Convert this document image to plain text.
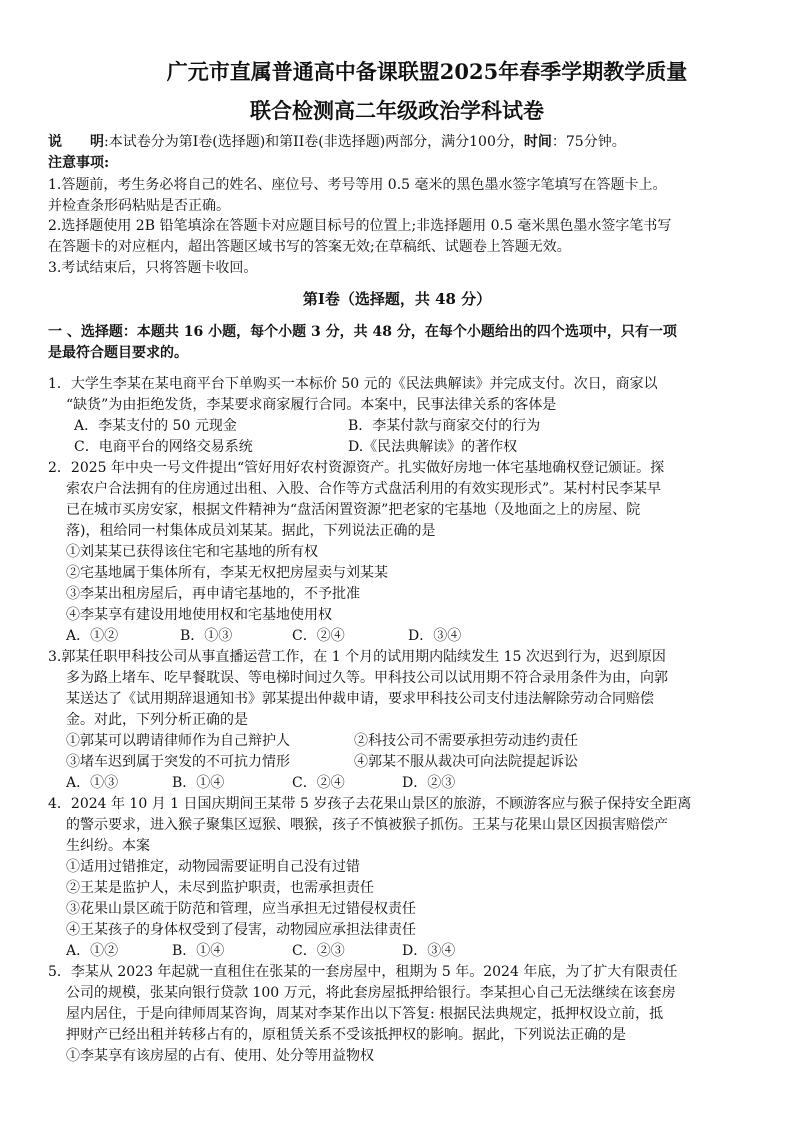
广元市直属普通高中备课联盟2025年春季学期教学质量
联合检测高二年级政治学科试卷
说　　明:本试卷分为第Ⅰ卷(选择题)和第II卷(非选择题)两部分，满分100分，时间：75分钟。
注意事项:
1.答题前，考生务必将自己的姓名、座位号、考号等用 0.5 毫米的黑色墨水签字笔填写在答题卡上。
并检查条形码粘贴是否正确。
2.选择题使用 2B 铅笔填涂在答题卡对应题目标号的位置上;非选择题用 0.5 毫米黑色墨水签字笔书写
在答题卡的对应框内，超出答题区域书写的答案无效;在草稿纸、试题卷上答题无效。
3.考试结束后，只将答题卡收回。
第Ⅰ卷（选择题，共 48 分）
一 、选择题：本题共 16 小题，每个小题 3 分，共 48 分，在每个小题给出的四个选项中，只有一项
是最符合题目要求的。
1．大学生李某在某电商平台下单购买一本标价 50 元的《民法典解读》并完成支付。次日，商家以
“缺货”为由拒绝发货，李某要求商家履行合同。本案中，民事法律关系的客体是
A．李某支付的 50 元现金	B．李某付款与商家交付的行为
C．电商平台的网络交易系统	D.《民法典解读》的著作权
2．2025 年中央一号文件提出“管好用好农村资源资产。扎实做好房地一体宅基地确权登记颁证。探
索农户合法拥有的住房通过出租、入股、合作等方式盘活利用的有效实现形式”。某村村民李某早
已在城市买房安家，根据文件精神为“盘活闲置资源”把老家的宅基地（及地面之上的房屋、院
落)，租给同一村集体成员刘某某。据此，下列说法正确的是
①刘某某已获得该住宅和宅基地的所有权
②宅基地属于集体所有，李某无权把房屋卖与刘某某
③李某出租房屋后，再申请宅基地的，不予批准
④李某享有建设用地使用权和宅基地使用权
A．①②	B．①③	C．②④	D．③④
3.郭某任职甲科技公司从事直播运营工作，在 1 个月的试用期内陆续发生 15 次迟到行为，迟到原因
多为路上堵车、吃早餐耽误、等电梯时间过久等。甲科技公司以试用期不符合录用条件为由，向郭
某送达了《试用期辞退通知书》郭某提出仲裁申请，要求甲科技公司支付违法解除劳动合同赔偿
金。对此，下列分析正确的是
①郭某可以聘请律师作为自己辩护人	②科技公司不需要承担劳动违约责任
③堵车迟到属于突发的不可抗力情形	④郭某不服从裁决可向法院提起诉讼
A．①③	B．①④	C．②④	D．②③
4．2024 年 10 月 1 日国庆期间王某带 5 岁孩子去花果山景区的旅游，不顾游客应与猴子保持安全距离
的警示要求，进入猴子聚集区逗猴、喂猴，孩子不慎被猴子抓伤。王某与花果山景区因损害赔偿产
生纠纷。本案
①适用过错推定，动物园需要证明自己没有过错
②王某是监护人，未尽到监护职责，也需承担责任
③花果山景区疏于防范和管理，应当承担无过错侵权责任
④王某孩子的身体权受到了侵害，动物园应承担法律责任
A．①②	B．①④	C．②③	D．③④
5．李某从 2023 年起就一直租住在张某的一套房屋中，租期为 5 年。2024 年底，为了扩大有限责任
公司的规模，张某向银行贷款 100 万元，将此套房屋抵押给银行。李某担心自己无法继续在该套房
屋内居住，于是向律师周某咨询，周某对李某作出以下答复: 根据民法典规定，抵押权设立前，抵
押财产已经出租并转移占有的，原租赁关系不受该抵押权的影响。据此，下列说法正确的是
①李某享有该房屋的占有、使用、处分等用益物权
